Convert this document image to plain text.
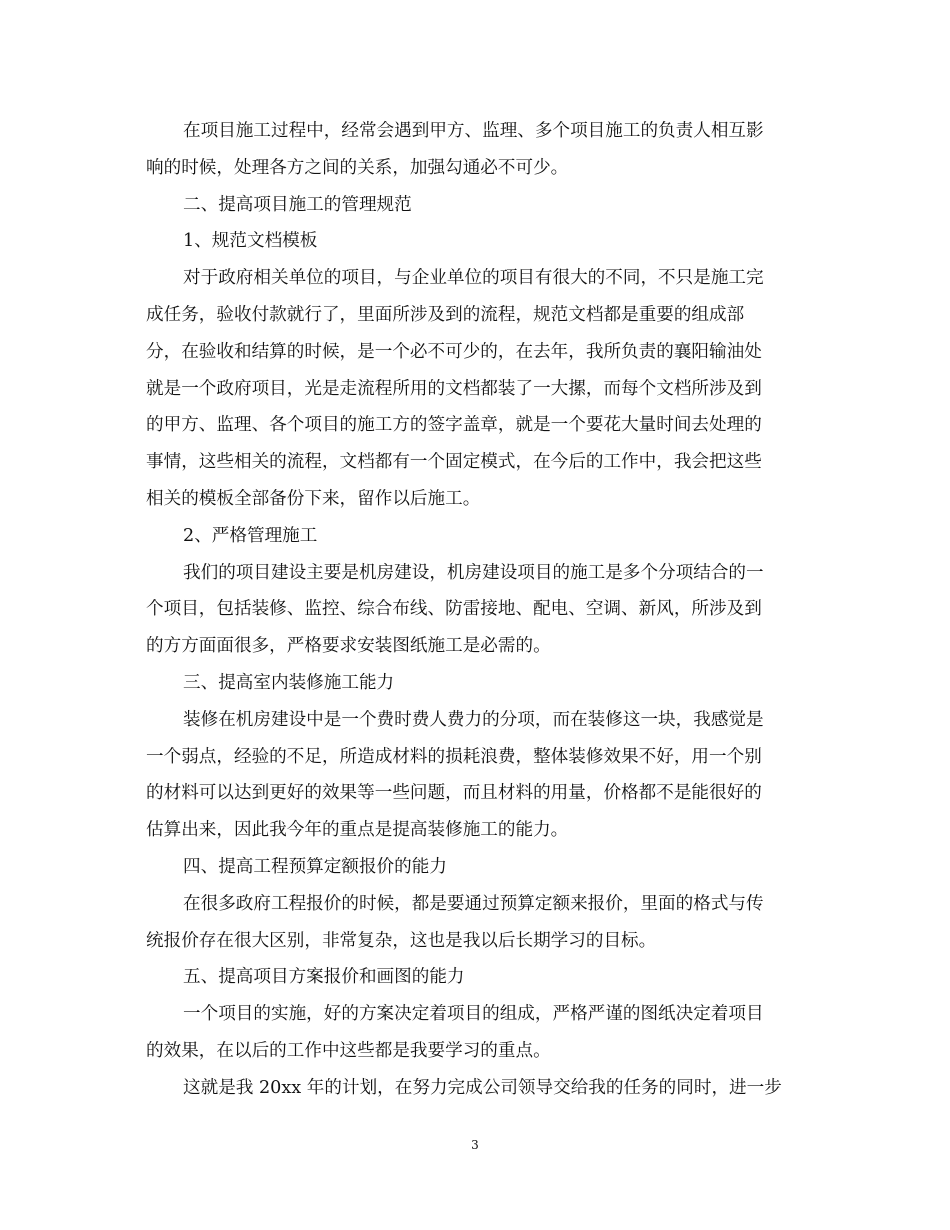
在项目施工过程中，经常会遇到甲方、监理、多个项目施工的负责人相互影
响的时候，处理各方之间的关系，加强勾通必不可少。
二、提高项目施工的管理规范
1、规范文档模板
对于政府相关单位的项目，与企业单位的项目有很大的不同，不只是施工完
成任务，验收付款就行了，里面所涉及到的流程，规范文档都是重要的组成部
分，在验收和结算的时候，是一个必不可少的，在去年，我所负责的襄阳输油处
就是一个政府项目，光是走流程所用的文档都装了一大摞，而每个文档所涉及到
的甲方、监理、各个项目的施工方的签字盖章，就是一个要花大量时间去处理的
事情，这些相关的流程，文档都有一个固定模式，在今后的工作中，我会把这些
相关的模板全部备份下来，留作以后施工。
2、严格管理施工
我们的项目建设主要是机房建设，机房建设项目的施工是多个分项结合的一
个项目，包括装修、监控、综合布线、防雷接地、配电、空调、新风，所涉及到
的方方面面很多，严格要求安装图纸施工是必需的。
三、提高室内装修施工能力
装修在机房建设中是一个费时费人费力的分项，而在装修这一块，我感觉是
一个弱点，经验的不足，所造成材料的损耗浪费，整体装修效果不好，用一个别
的材料可以达到更好的效果等一些问题，而且材料的用量，价格都不是能很好的
估算出来，因此我今年的重点是提高装修施工的能力。
四、提高工程预算定额报价的能力
在很多政府工程报价的时候，都是要通过预算定额来报价，里面的格式与传
统报价存在很大区别，非常复杂，这也是我以后长期学习的目标。
五、提高项目方案报价和画图的能力
一个项目的实施，好的方案决定着项目的组成，严格严谨的图纸决定着项目
的效果，在以后的工作中这些都是我要学习的重点。
这就是我 20xx 年的计划，在努力完成公司领导交给我的任务的同时，进一步
3
